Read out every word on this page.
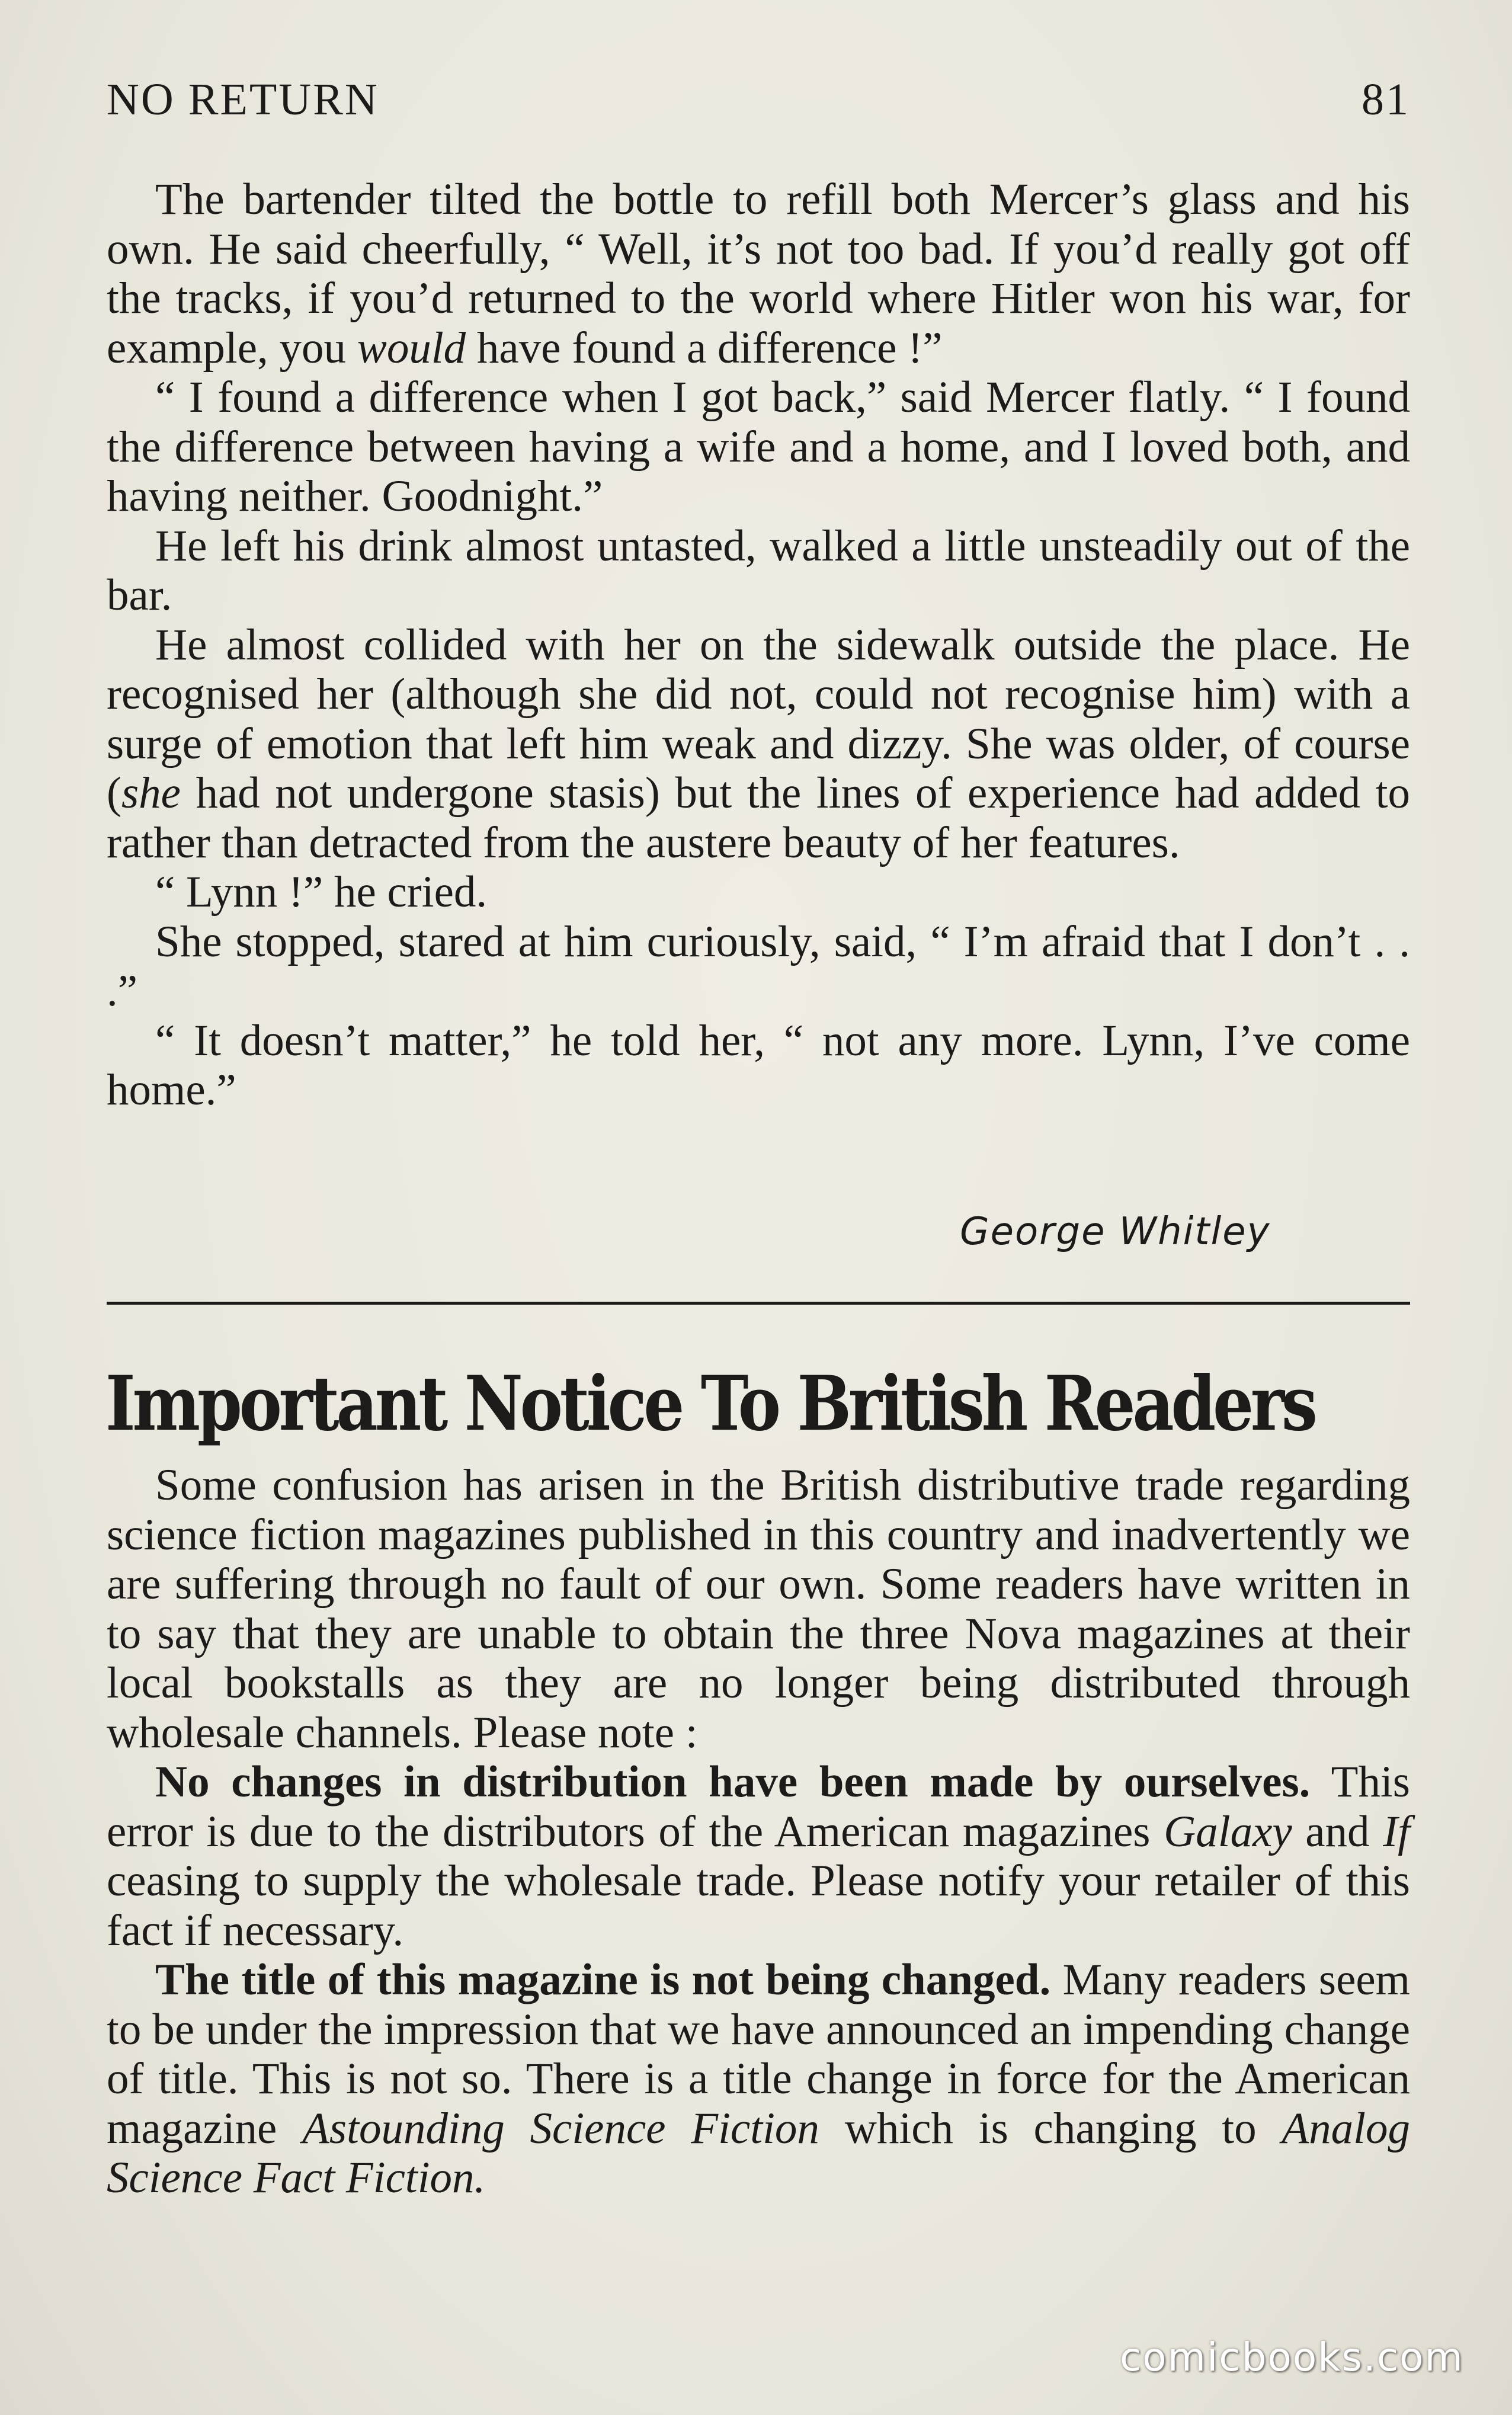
NO RETURN	81

The bartender tilted the bottle to refill both Mercer’s glass and his own. He said cheerfully, “ Well, it’s not too bad. If you’d really got off the tracks, if you’d returned to the world where Hitler won his war, for example, you would have found a difference !”

“ I found a difference when I got back,” said Mercer flatly. “ I found the difference between having a wife and a home, and I loved both, and having neither. Goodnight.”

He left his drink almost untasted, walked a little unsteadily out of the bar.

He almost collided with her on the sidewalk outside the place. He recognised her (although she did not, could not recognise him) with a surge of emotion that left him weak and dizzy. She was older, of course (she had not undergone stasis) but the lines of experience had added to rather than detracted from the austere beauty of her features.

“ Lynn !” he cried.

She stopped, stared at him curiously, said, “ I’m afraid that I don’t . . .”

“ It doesn’t matter,” he told her, “ not any more. Lynn, I’ve come home.”

George Whitley
Important Notice To British Readers

Some confusion has arisen in the British distributive trade regarding science fiction magazines published in this country and inadvertently we are suffering through no fault of our own. Some readers have written in to say that they are unable to obtain the three Nova magazines at their local bookstalls as they are no longer being distributed through wholesale channels. Please note :

No changes in distribution have been made by ourselves. This error is due to the distributors of the American magazines Galaxy and If ceasing to supply the wholesale trade. Please notify your retailer of this fact if necessary.

The title of this magazine is not being changed. Many readers seem to be under the impression that we have announced an impending change of title. This is not so. There is a title change in force for the American magazine Astounding Science Fiction which is changing to Analog Science Fact Fiction.

comicbooks.com
